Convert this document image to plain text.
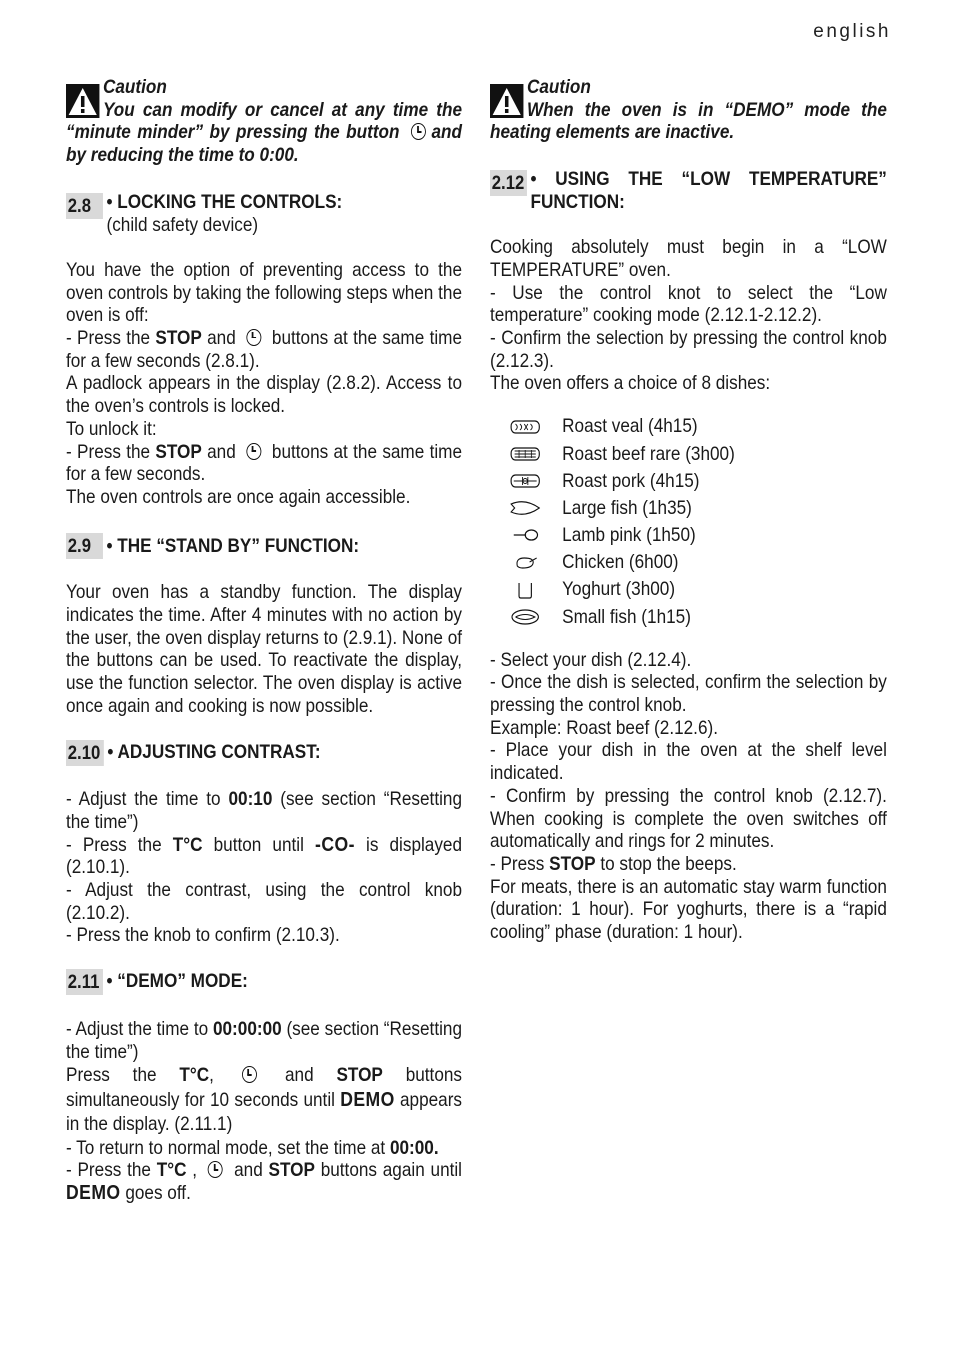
english
Caution

You can modify or cancel at any time the “minute minder” by pressing the button and by reducing the time to 0:00.

2.8 • LOCKING THE CONTROLS:
(child safety device)

You have the option of preventing access to the oven controls by taking the following steps when the oven is off:

- Press the STOP and  buttons at the same time for a few seconds (2.8.1).

A padlock appears in the display (2.8.2). Access to the oven’s controls is locked.

To unlock it:

- Press the STOP and  buttons at the same time for a few seconds.

The oven controls are once again accessible.

2.9 • THE “STAND BY” FUNCTION:

Your oven has a standby function. The display indicates the time. After 4 minutes with no action by the user, the oven display returns to (2.9.1). None of the buttons can be used. To reactivate the display, use the function selector. The oven display is active once again and cooking is now possible.

2.10 • ADJUSTING CONTRAST:

- Adjust the time to 00:10 (see section “Resetting the time”)

- Press the T°C button until -CO- is displayed (2.10.1).

- Adjust the contrast, using the control knob (2.10.2).

- Press the knob to confirm (2.10.3).

2.11 • “DEMO” MODE:

- Adjust the time to 00:00:00 (see section “Resetting the time”)

Press the T°C,  and STOP buttons simultaneously for 10 seconds until DEMO appears in the display. (2.11.1)

- To return to normal mode, set the time at 00:00.

- Press the T°C ,  and STOP buttons again until DEMO goes off.

Caution

When the oven is in “DEMO” mode the heating elements are inactive.

2.12 • USING THE “LOW TEMPERATURE” FUNCTION:

Cooking absolutely must begin in a “LOW TEMPERATURE” oven.

- Use the control knot to select the “Low temperature” cooking mode (2.12.1-2.12.2).

- Confirm the selection by pressing the control knob (2.12.3).

The oven offers a choice of 8 dishes:

Roast veal (4h15)
Roast beef rare (3h00)
Roast pork (4h15)
Large fish (1h35)
Lamb pink (1h50)
Chicken (6h00)
Yoghurt (3h00)
Small fish (1h15)

- Select your dish (2.12.4).

- Once the dish is selected, confirm the selection by pressing the control knob.

Example: Roast beef (2.12.6).

- Place your dish in the oven at the shelf level indicated.

- Confirm by pressing the control knob (2.12.7). When cooking is complete the oven switches off automatically and rings for 2 minutes.

- Press STOP to stop the beeps.

For meats, there is an automatic stay warm function (duration: 1 hour). For yoghurts, there is a “rapid cooling” phase (duration: 1 hour).
